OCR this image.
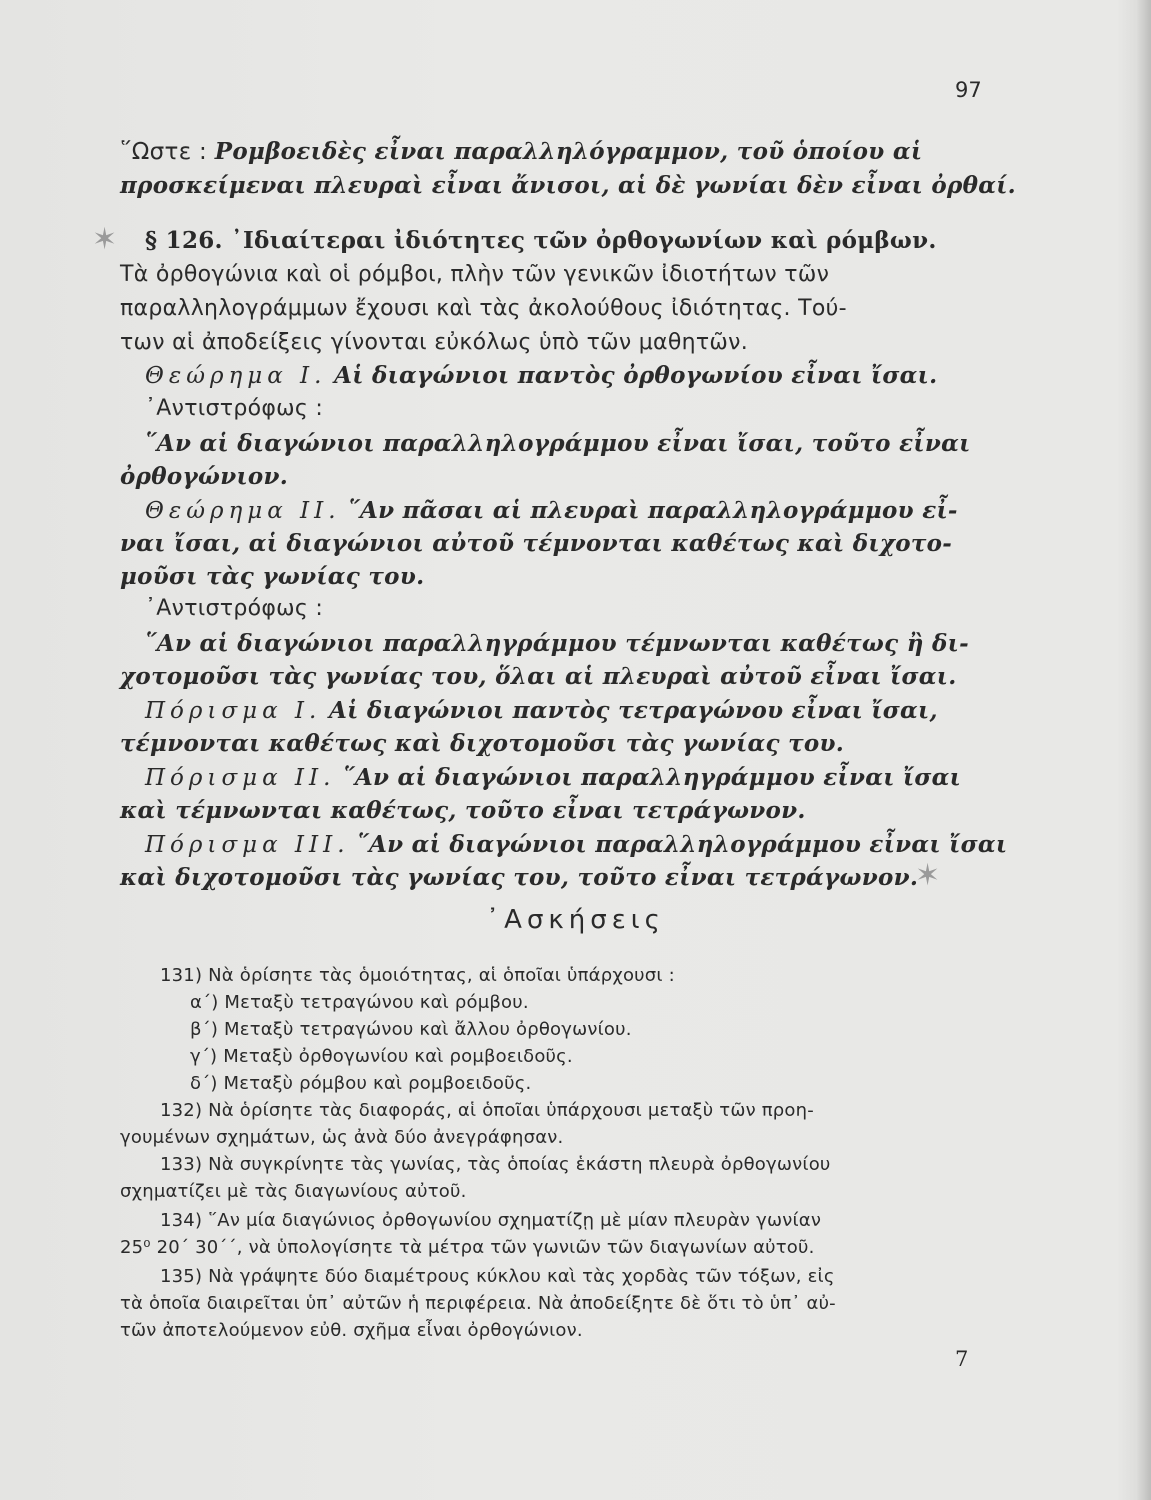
97
῞Ωστε : Ρομβοειδὲς εἶναι παραλληλόγραμμον, τοῦ ὁποίου αἱ
προσκείμεναι πλευραὶ εἶναι ἄνισοι, αἱ δὲ γωνίαι δὲν εἶναι ὀρθαί.
✶ § 126. ᾽Ιδιαίτεραι ἰδιότητες τῶν ὀρθογωνίων καὶ ρόμβων.
Τὰ ὀρθογώνια καὶ οἱ ρόμβοι, πλὴν τῶν γενικῶν ἰδιοτήτων τῶν
παραλληλογράμμων ἔχουσι καὶ τὰς ἀκολούθους ἰδιότητας. Τού-
των αἱ ἀποδείξεις γίνονται εὐκόλως ὑπὸ τῶν μαθητῶν.
Θεώρημα Ι. Αἱ διαγώνιοι παντὸς ὀρθογωνίου εἶναι ἴσαι.
᾽Αντιστρόφως :
῞Αν αἱ διαγώνιοι παραλληλογράμμου εἶναι ἴσαι, τοῦτο εἶναι
ὀρθογώνιον.
Θεώρημα ΙΙ. ῞Αν πᾶσαι αἱ πλευραὶ παραλληλογράμμου εἶ-
ναι ἴσαι, αἱ διαγώνιοι αὐτοῦ τέμνονται καθέτως καὶ διχοτο-
μοῦσι τὰς γωνίας του.
᾽Αντιστρόφως :
῞Αν αἱ διαγώνιοι παραλληγράμμου τέμνωνται καθέτως ἢ δι-
χοτομοῦσι τὰς γωνίας του, ὅλαι αἱ πλευραὶ αὐτοῦ εἶναι ἴσαι.
Πόρισμα Ι. Αἱ διαγώνιοι παντὸς τετραγώνου εἶναι ἴσαι,
τέμνονται καθέτως καὶ διχοτομοῦσι τὰς γωνίας του.
Πόρισμα ΙΙ. ῞Αν αἱ διαγώνιοι παραλληγράμμου εἶναι ἴσαι
καὶ τέμνωνται καθέτως, τοῦτο εἶναι τετράγωνον.
Πόρισμα ΙΙΙ. ῞Αν αἱ διαγώνιοι παραλληλογράμμου εἶναι ἴσαι
καὶ διχοτομοῦσι τὰς γωνίας του, τοῦτο εἶναι τετράγωνον.
✶
᾽Ασκήσεις
131) Νὰ ὁρίσητε τὰς ὁμοιότητας, αἱ ὁποῖαι ὑπάρχουσι :
α΄) Μεταξὺ τετραγώνου καὶ ρόμβου.
β΄) Μεταξὺ τετραγώνου καὶ ἄλλου ὀρθογωνίου.
γ΄) Μεταξὺ ὀρθογωνίου καὶ ρομβοειδοῦς.
δ΄) Μεταξὺ ρόμβου καὶ ρομβοειδοῦς.
132) Νὰ ὁρίσητε τὰς διαφοράς, αἱ ὁποῖαι ὑπάρχουσι μεταξὺ τῶν προη-
γουμένων σχημάτων, ὡς ἀνὰ δύο ἀνεγράφησαν.
133) Νὰ συγκρίνητε τὰς γωνίας, τὰς ὁποίας ἑκάστη πλευρὰ ὀρθογωνίου
σχηματίζει μὲ τὰς διαγωνίους αὐτοῦ.
134) ῞Αν μία διαγώνιος ὀρθογωνίου σχηματίζῃ μὲ μίαν πλευρὰν γωνίαν
25⁰ 20΄ 30΄΄, νὰ ὑπολογίσητε τὰ μέτρα τῶν γωνιῶν τῶν διαγωνίων αὐτοῦ.
135) Νὰ γράψητε δύο διαμέτρους κύκλου καὶ τὰς χορδὰς τῶν τόξων, εἰς
τὰ ὁποῖα διαιρεῖται ὑπ᾽ αὐτῶν ἡ περιφέρεια. Νὰ ἀποδείξητε δὲ ὅτι τὸ ὑπ᾽ αὐ-
τῶν ἀποτελούμενον εὐθ. σχῆμα εἶναι ὀρθογώνιον.
7
